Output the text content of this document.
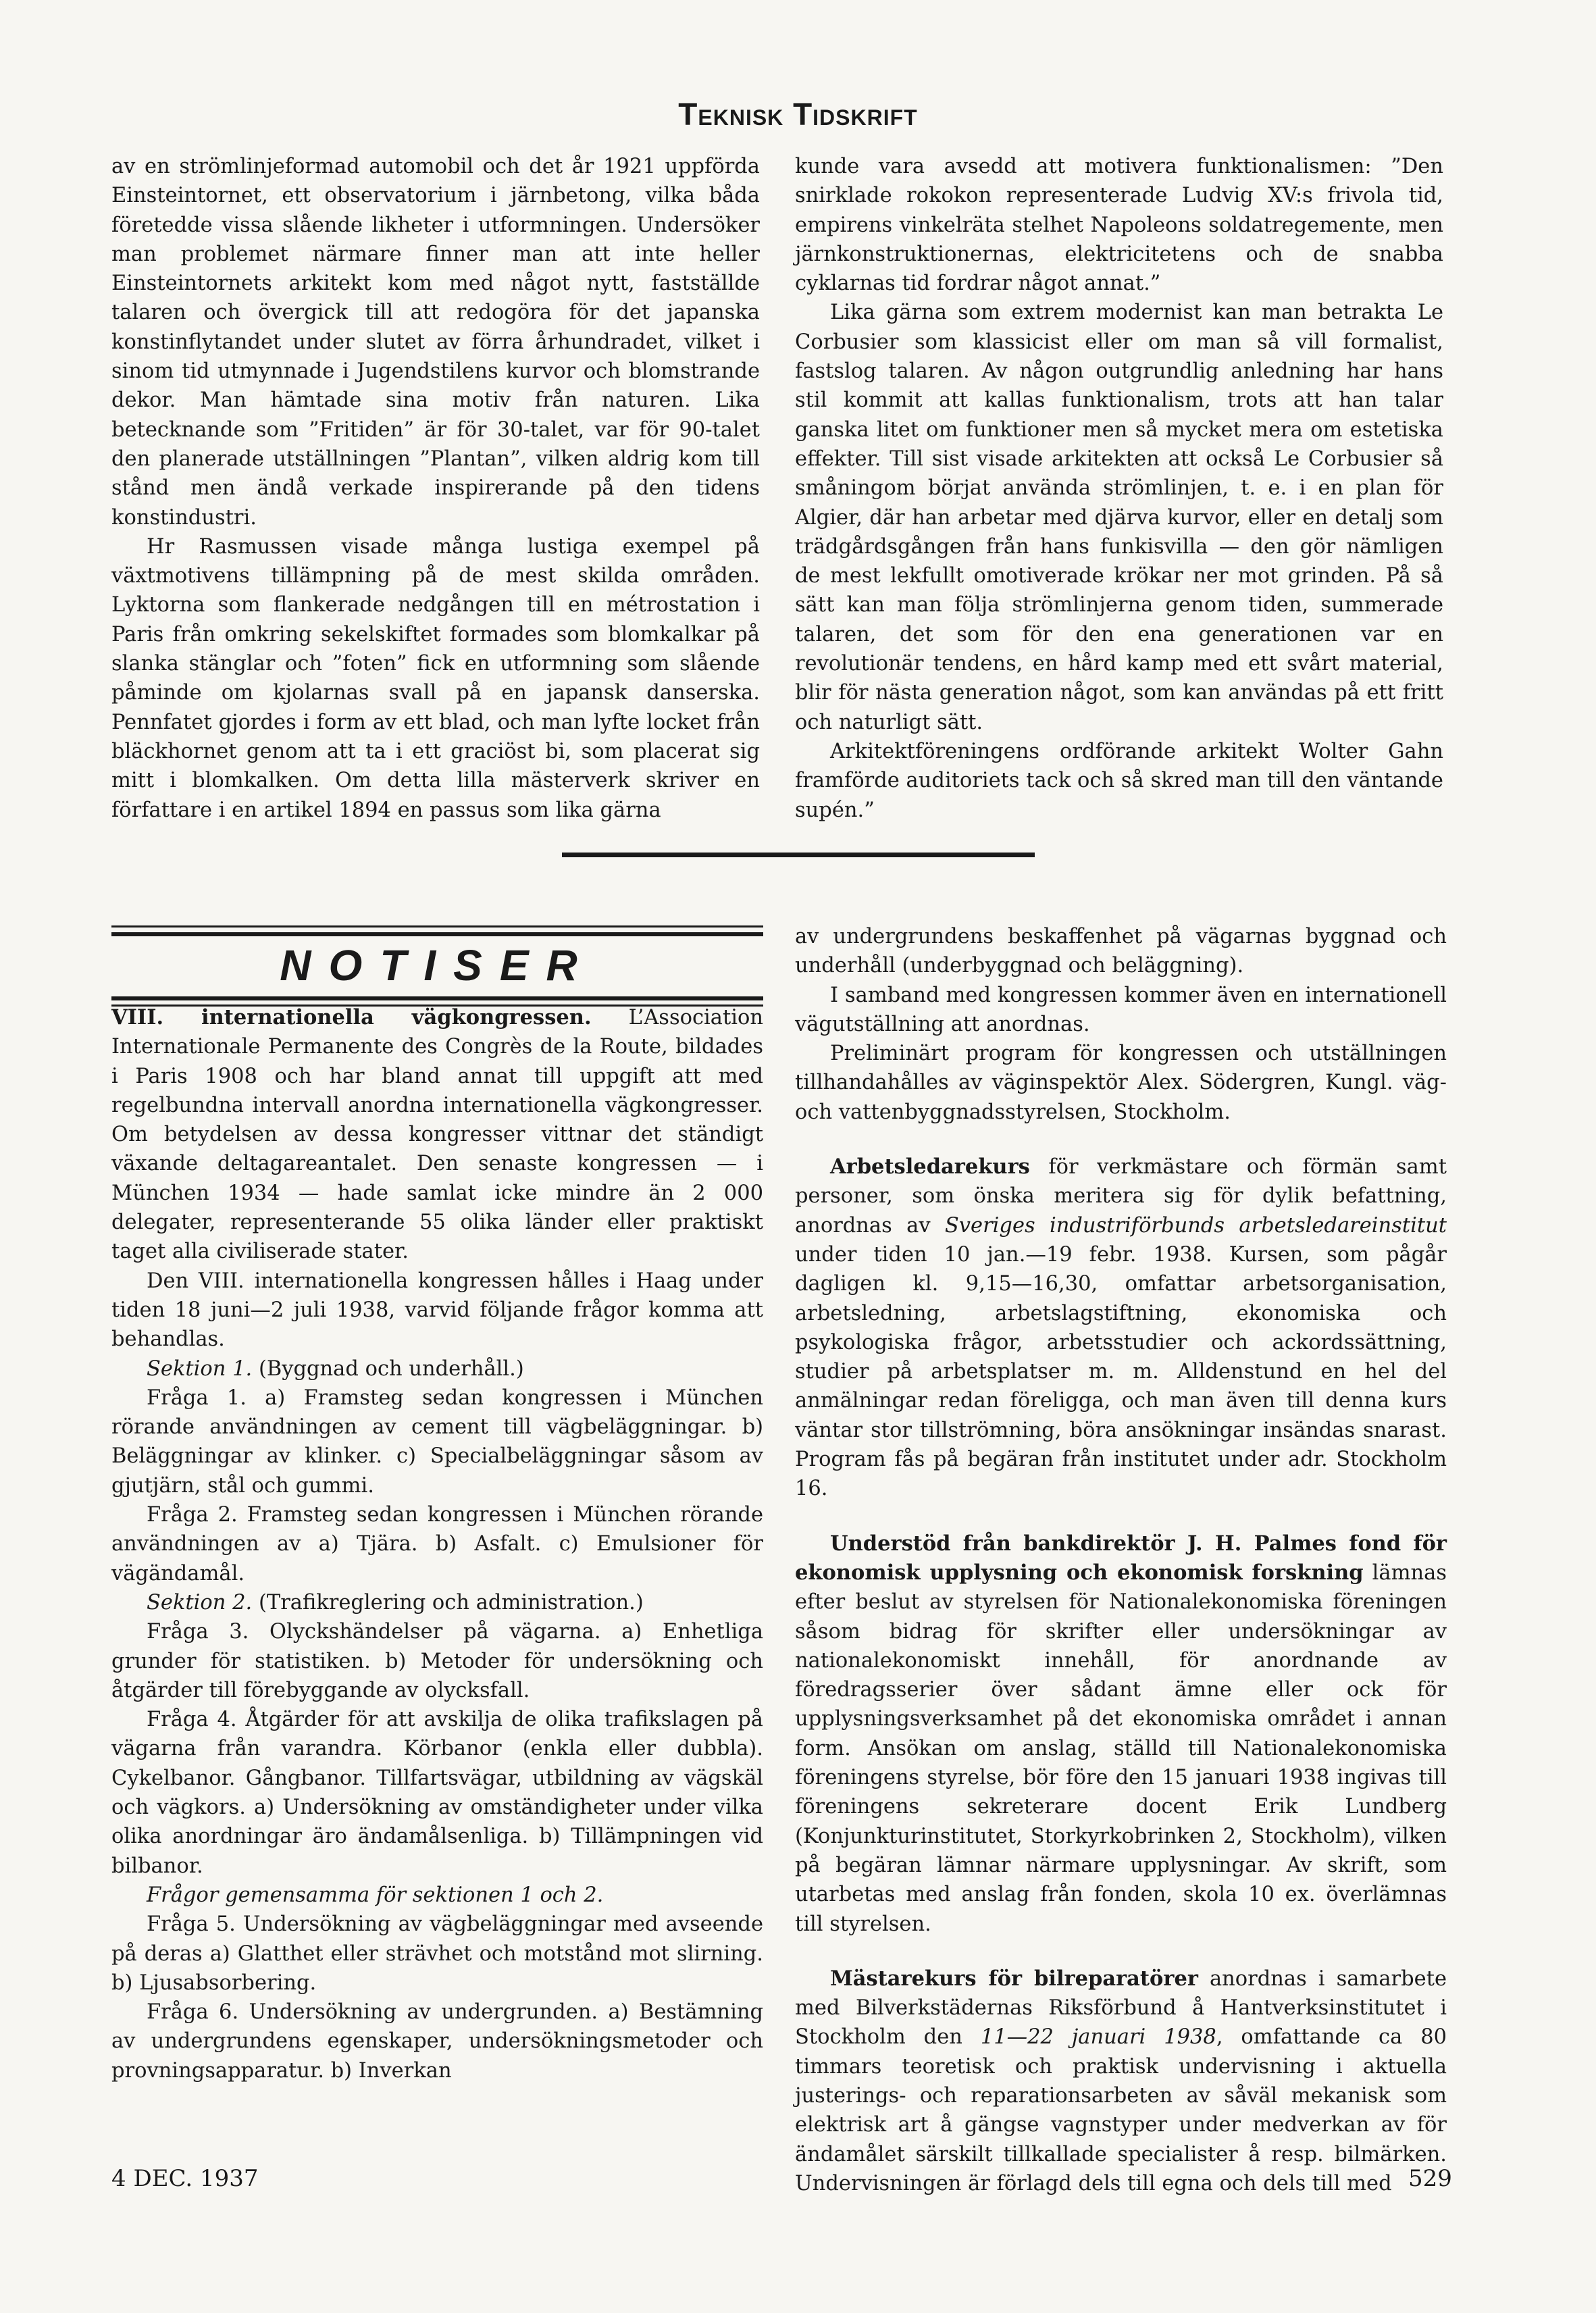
Teknisk Tidskrift

av en strömlinjeformad automobil och det år 1921 uppförda Einsteintornet, ett observatorium i järnbetong, vilka båda företedde vissa slående likheter i utformningen. Undersöker man problemet närmare finner man att inte heller Einsteintornets arkitekt kom med något nytt, fastställde talaren och övergick till att redogöra för det japanska konstinflytandet under slutet av förra århundradet, vilket i sinom tid utmynnade i Jugendstilens kurvor och blomstrande dekor. Man hämtade sina motiv från naturen. Lika betecknande som ”Fritiden” är för 30-talet, var för 90-talet den planerade utställningen ”Plantan”, vilken aldrig kom till stånd men ändå verkade inspirerande på den tidens konstindustri.

Hr Rasmussen visade många lustiga exempel på växtmotivens tillämpning på de mest skilda områden. Lyktorna som flankerade nedgången till en métrostation i Paris från omkring sekelskiftet formades som blomkalkar på slanka stänglar och ”foten” fick en utformning som slående påminde om kjolarnas svall på en japansk danserska. Pennfatet gjordes i form av ett blad, och man lyfte locket från bläckhornet genom att ta i ett graciöst bi, som placerat sig mitt i blomkalken. Om detta lilla mästerverk skriver en författare i en artikel 1894 en passus som lika gärna

kunde vara avsedd att motivera funktionalismen: ”Den snirklade rokokon representerade Ludvig XV:s frivola tid, empirens vinkelräta stelhet Napoleons soldatregemente, men järnkonstruktionernas, elektricitetens och de snabba cyklarnas tid fordrar något annat.”

Lika gärna som extrem modernist kan man betrakta Le Corbusier som klassicist eller om man så vill formalist, fastslog talaren. Av någon outgrundlig anledning har hans stil kommit att kallas funktionalism, trots att han talar ganska litet om funktioner men så mycket mera om estetiska effekter. Till sist visade arkitekten att också Le Corbusier så småningom börjat använda strömlinjen, t. e. i en plan för Algier, där han arbetar med djärva kurvor, eller en detalj som trädgårdsgången från hans funkisvilla — den gör nämligen de mest lekfullt omotiverade krökar ner mot grinden. På så sätt kan man följa strömlinjerna genom tiden, summerade talaren, det som för den ena generationen var en revolutionär tendens, en hård kamp med ett svårt material, blir för nästa generation något, som kan användas på ett fritt och naturligt sätt.

Arkitektföreningens ordförande arkitekt Wolter Gahn framförde auditoriets tack och så skred man till den väntande supén.”

NOTISER

VIII. internationella vägkongressen. L’Association Internationale Permanente des Congrès de la Route, bildades i Paris 1908 och har bland annat till uppgift att med regelbundna intervall anordna internationella vägkongresser. Om betydelsen av dessa kongresser vittnar det ständigt växande deltagareantalet. Den senaste kongressen — i München 1934 — hade samlat icke mindre än 2 000 delegater, representerande 55 olika länder eller praktiskt taget alla civiliserade stater.

Den VIII. internationella kongressen hålles i Haag under tiden 18 juni—2 juli 1938, varvid följande frågor komma att behandlas.

Sektion 1. (Byggnad och underhåll.)

Fråga 1. a) Framsteg sedan kongressen i München rörande användningen av cement till vägbeläggningar. b) Beläggningar av klinker. c) Specialbeläggningar såsom av gjutjärn, stål och gummi.

Fråga 2. Framsteg sedan kongressen i München rörande användningen av a) Tjära. b) Asfalt. c) Emulsioner för vägändamål.

Sektion 2. (Trafikreglering och administration.)

Fråga 3. Olyckshändelser på vägarna. a) Enhetliga grunder för statistiken. b) Metoder för undersökning och åtgärder till förebyggande av olycksfall.

Fråga 4. Åtgärder för att avskilja de olika trafikslagen på vägarna från varandra. Körbanor (enkla eller dubbla). Cykelbanor. Gångbanor. Tillfartsvägar, utbildning av vägskäl och vägkors. a) Undersökning av omständigheter under vilka olika anordningar äro ändamålsenliga. b) Tillämpningen vid bilbanor.

Frågor gemensamma för sektionen 1 och 2.

Fråga 5. Undersökning av vägbeläggningar med avseende på deras a) Glatthet eller strävhet och motstånd mot slirning. b) Ljusabsorbering.

Fråga 6. Undersökning av undergrunden. a) Bestämning av undergrundens egenskaper, undersökningsmetoder och provningsapparatur. b) Inverkan

av undergrundens beskaffenhet på vägarnas byggnad och underhåll (underbyggnad och beläggning).

I samband med kongressen kommer även en internationell vägutställning att anordnas.

Preliminärt program för kongressen och utställningen tillhandahålles av väginspektör Alex. Södergren, Kungl. väg- och vattenbyggnadsstyrelsen, Stockholm.

Arbetsledarekurs för verkmästare och förmän samt personer, som önska meritera sig för dylik befattning, anordnas av Sveriges industriförbunds arbetsledareinstitut under tiden 10 jan.—19 febr. 1938. Kursen, som pågår dagligen kl. 9,15—16,30, omfattar arbetsorganisation, arbetsledning, arbetslagstiftning, ekonomiska och psykologiska frågor, arbetsstudier och ackordssättning, studier på arbetsplatser m. m. Alldenstund en hel del anmälningar redan föreligga, och man även till denna kurs väntar stor tillströmning, böra ansökningar insändas snarast. Program fås på begäran från institutet under adr. Stockholm 16.

Understöd från bankdirektör J. H. Palmes fond för ekonomisk upplysning och ekonomisk forskning lämnas efter beslut av styrelsen för Nationalekonomiska föreningen såsom bidrag för skrifter eller undersökningar av nationalekonomiskt innehåll, för anordnande av föredragsserier över sådant ämne eller ock för upplysningsverksamhet på det ekonomiska området i annan form. Ansökan om anslag, ställd till Nationalekonomiska föreningens styrelse, bör före den 15 januari 1938 ingivas till föreningens sekreterare docent Erik Lundberg (Konjunkturinstitutet, Storkyrkobrinken 2, Stockholm), vilken på begäran lämnar närmare upplysningar. Av skrift, som utarbetas med anslag från fonden, skola 10 ex. överlämnas till styrelsen.

Mästarekurs för bilreparatörer anordnas i samarbete med Bilverkstädernas Riksförbund å Hantverksinstitutet i Stockholm den 11—22 januari 1938, omfattande ca 80 timmars teoretisk och praktisk undervisning i aktuella justerings- och reparationsarbeten av såväl mekanisk som elektrisk art å gängse vagnstyper under medverkan av för ändamålet särskilt tillkallade specialister å resp. bilmärken. Undervisningen är förlagd dels till egna och dels till med

4 DEC. 1937	529
